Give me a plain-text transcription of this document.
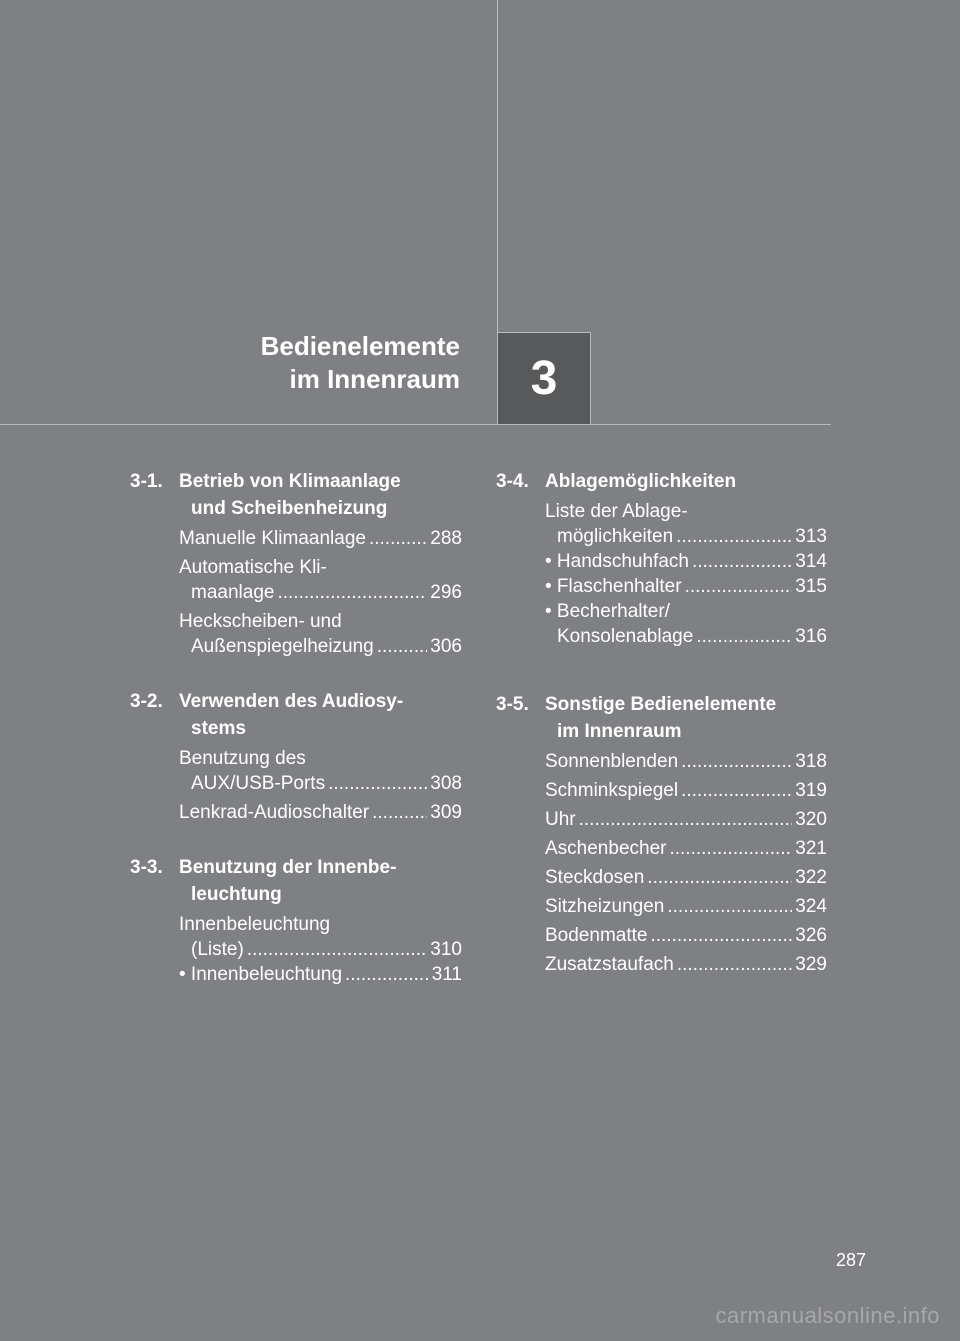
Bedienelemente
im Innenraum 3
3-1. Betrieb von Klimaanlage
und Scheibenheizung
Manuelle Klimaanlage .....	288
Automatische Kli-
maanlage .....	296
Heckscheiben- und
Außenspiegelheizung .....	306
3-2. Verwenden des Audiosy-
stems
Benutzung des
AUX/USB-Ports .....	308
Lenkrad-Audioschalter .....	309
3-3. Benutzung der Innenbe-
leuchtung
Innenbeleuchtung
(Liste) .....	310
• Innenbeleuchtung .....	311
3-4. Ablagemöglichkeiten
Liste der Ablage-
möglichkeiten .....	313
• Handschuhfach .....	314
• Flaschenhalter .....	315
• Becherhalter/
Konsolenablage .....	316
3-5. Sonstige Bedienelemente
im Innenraum
Sonnenblenden .....	318
Schminkspiegel .....	319
Uhr .....	320
Aschenbecher .....	321
Steckdosen .....	322
Sitzheizungen .....	324
Bodenmatte .....	326
Zusatzstaufach .....	329
287
carmanualsonline.info
